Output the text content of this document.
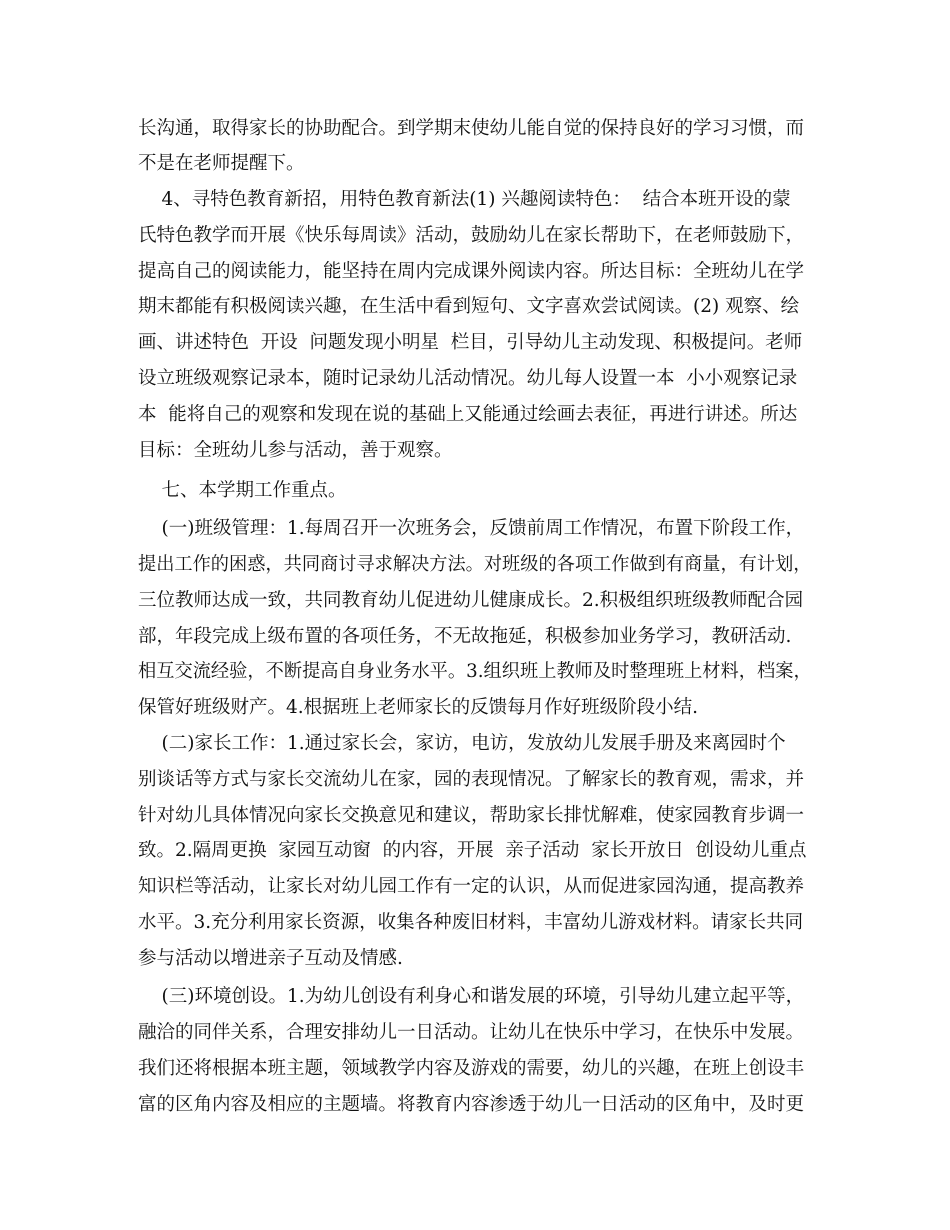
长沟通，取得家长的协助配合。到学期末使幼儿能自觉的保持良好的学习习惯，而
不是在老师提醒下。
4、寻特色教育新招，用特色教育新法(1) 兴趣阅读特色：  结合本班开设的蒙
氏特色教学而开展《快乐每周读》活动，鼓励幼儿在家长帮助下，在老师鼓励下，
提高自己的阅读能力，能坚持在周内完成课外阅读内容。所达目标：全班幼儿在学
期末都能有积极阅读兴趣，在生活中看到短句、文字喜欢尝试阅读。(2) 观察、绘
画、讲述特色  开设  问题发现小明星  栏目，引导幼儿主动发现、积极提问。老师
设立班级观察记录本，随时记录幼儿活动情况。幼儿每人设置一本  小小观察记录
本  能将自己的观察和发现在说的基础上又能通过绘画去表征，再进行讲述。所达
目标：全班幼儿参与活动，善于观察。
七、本学期工作重点。
(一)班级管理：1.每周召开一次班务会，反馈前周工作情况，布置下阶段工作，
提出工作的困惑，共同商讨寻求解决方法。对班级的各项工作做到有商量，有计划，
三位教师达成一致，共同教育幼儿促进幼儿健康成长。2.积极组织班级教师配合园
部，年段完成上级布置的各项任务，不无故拖延，积极参加业务学习，教研活动.
相互交流经验，不断提高自身业务水平。3.组织班上教师及时整理班上材料，档案，
保管好班级财产。4.根据班上老师家长的反馈每月作好班级阶段小结.
(二)家长工作：1.通过家长会，家访，电访，发放幼儿发展手册及来离园时个
别谈话等方式与家长交流幼儿在家，园的表现情况。了解家长的教育观，需求，并
针对幼儿具体情况向家长交换意见和建议，帮助家长排忧解难，使家园教育步调一
致。2.隔周更换  家园互动窗  的内容，开展  亲子活动  家长开放日  创设幼儿重点
知识栏等活动，让家长对幼儿园工作有一定的认识，从而促进家园沟通，提高教养
水平。3.充分利用家长资源，收集各种废旧材料，丰富幼儿游戏材料。请家长共同
参与活动以增进亲子互动及情感.
(三)环境创设。1.为幼儿创设有利身心和谐发展的环境，引导幼儿建立起平等，
融洽的同伴关系，合理安排幼儿一日活动。让幼儿在快乐中学习，在快乐中发展。
我们还将根据本班主题，领域教学内容及游戏的需要，幼儿的兴趣，在班上创设丰
富的区角内容及相应的主题墙。将教育内容渗透于幼儿一日活动的区角中，及时更
